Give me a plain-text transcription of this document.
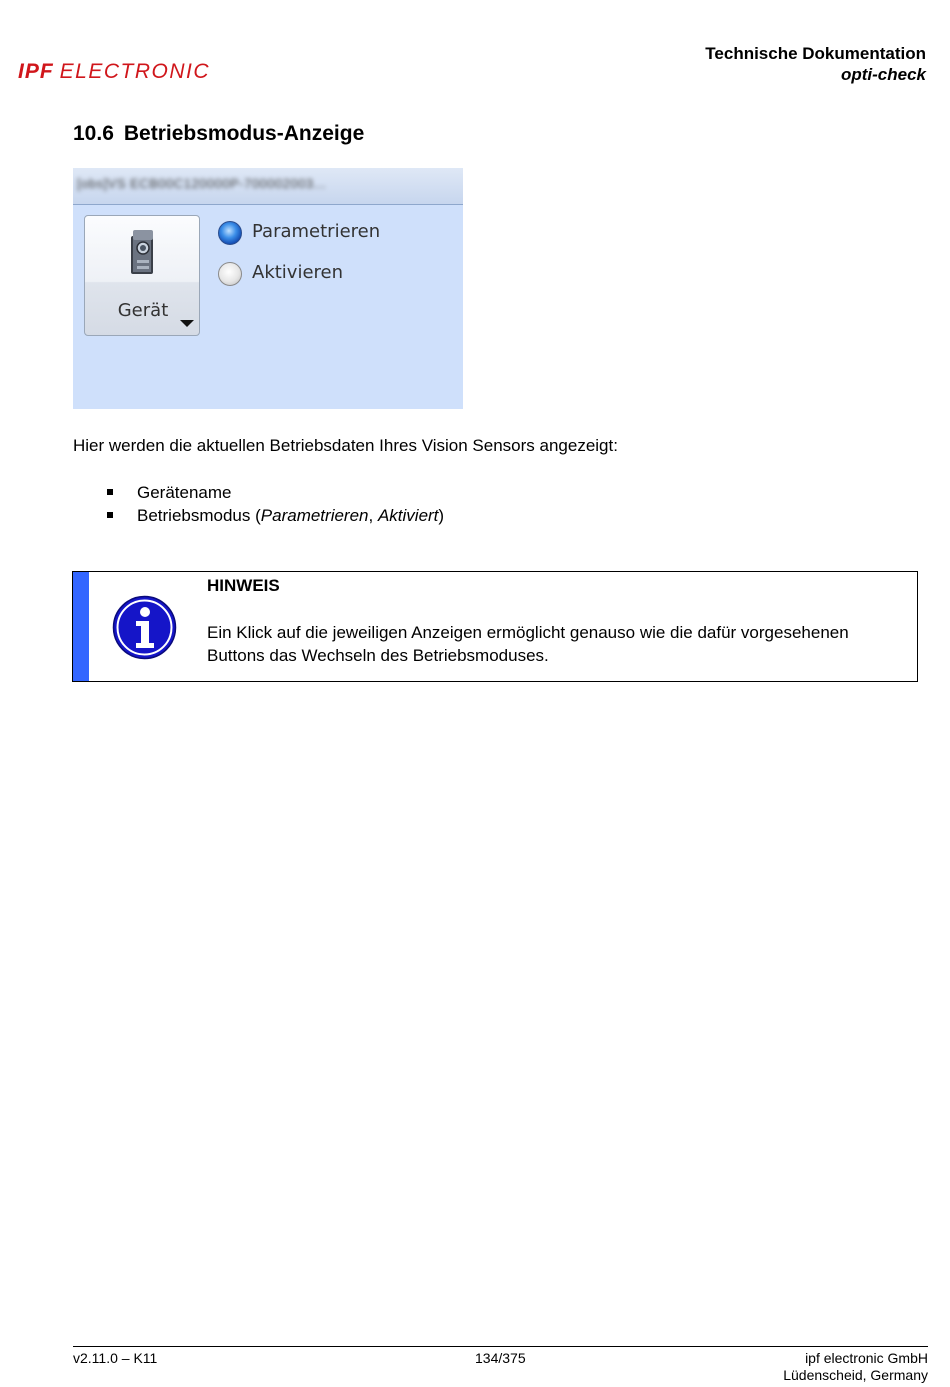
IPF ELECTRONIC
Technische Dokumentation
opti-check
10.6 Betriebsmodus-Anzeige
[obs]VS ECB00C120000P-700002003...
Gerät
Parametrieren
Aktivieren
Hier werden die aktuellen Betriebsdaten Ihres Vision Sensors angezeigt:
Gerätename
Betriebsmodus (Parametrieren, Aktiviert)
HINWEIS
Ein Klick auf die jeweiligen Anzeigen ermöglicht genauso wie die dafür vorgesehenen Buttons das Wechseln des Betriebsmoduses.
v2.11.0 – K11	134/375	ipf electronic GmbH
Lüdenscheid, Germany
